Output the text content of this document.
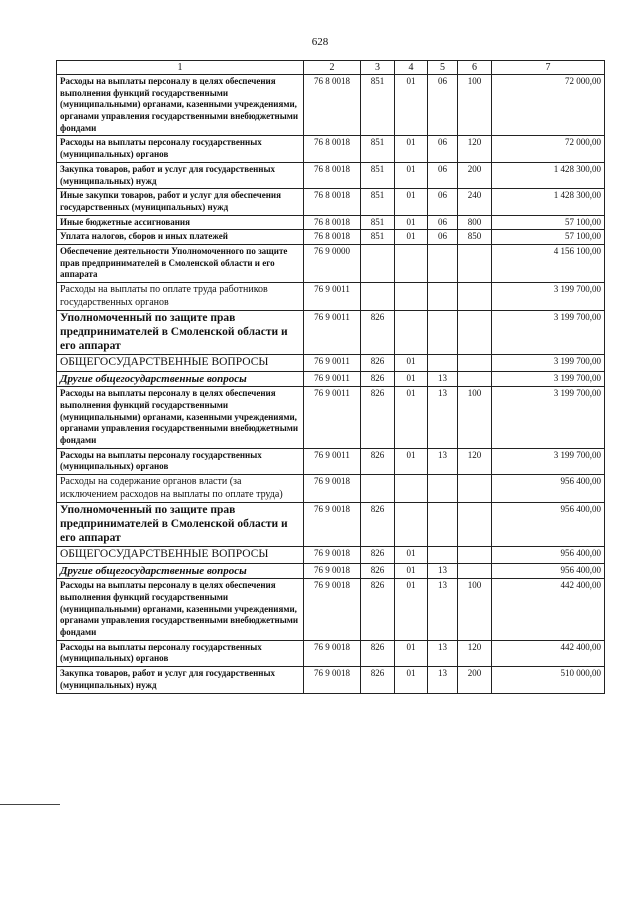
628
1	2	3	4	5	6	7
Расходы на выплаты персоналу в целях обеспечения выполнения функций государственными (муниципальными) органами, казенными учреждениями, органами управления государственными внебюджетными фондами	76 8 0018	851	01	06	100	72 000,00
Расходы на выплаты персоналу государственных (муниципальных) органов	76 8 0018	851	01	06	120	72 000,00
Закупка товаров, работ и услуг для государственных (муниципальных) нужд	76 8 0018	851	01	06	200	1 428 300,00
Иные закупки товаров, работ и услуг для обеспечения государственных (муниципальных) нужд	76 8 0018	851	01	06	240	1 428 300,00
Иные бюджетные ассигнования	76 8 0018	851	01	06	800	57 100,00
Уплата налогов, сборов и иных платежей	76 8 0018	851	01	06	850	57 100,00
Обеспечение деятельности Уполномоченного по защите прав предпринимателей в Смоленской области и его аппарата	76 9 0000					4 156 100,00
Расходы на выплаты по оплате труда работников государственных органов	76 9 0011					3 199 700,00
Уполномоченный по защите прав предпринимателей в Смоленской области и его аппарат	76 9 0011	826				3 199 700,00
ОБЩЕГОСУДАРСТВЕННЫЕ ВОПРОСЫ	76 9 0011	826	01			3 199 700,00
Другие общегосударственные вопросы	76 9 0011	826	01	13		3 199 700,00
Расходы на выплаты персоналу в целях обеспечения выполнения функций государственными (муниципальными) органами, казенными учреждениями, органами управления государственными внебюджетными фондами	76 9 0011	826	01	13	100	3 199 700,00
Расходы на выплаты персоналу государственных (муниципальных) органов	76 9 0011	826	01	13	120	3 199 700,00
Расходы на содержание органов власти (за исключением расходов на выплаты по оплате труда)	76 9 0018					956 400,00
Уполномоченный по защите прав предпринимателей в Смоленской области и его аппарат	76 9 0018	826				956 400,00
ОБЩЕГОСУДАРСТВЕННЫЕ ВОПРОСЫ	76 9 0018	826	01			956 400,00
Другие общегосударственные вопросы	76 9 0018	826	01	13		956 400,00
Расходы на выплаты персоналу в целях обеспечения выполнения функций государственными (муниципальными) органами, казенными учреждениями, органами управления государственными внебюджетными фондами	76 9 0018	826	01	13	100	442 400,00
Расходы на выплаты персоналу государственных (муниципальных) органов	76 9 0018	826	01	13	120	442 400,00
Закупка товаров, работ и услуг для государственных (муниципальных) нужд	76 9 0018	826	01	13	200	510 000,00
